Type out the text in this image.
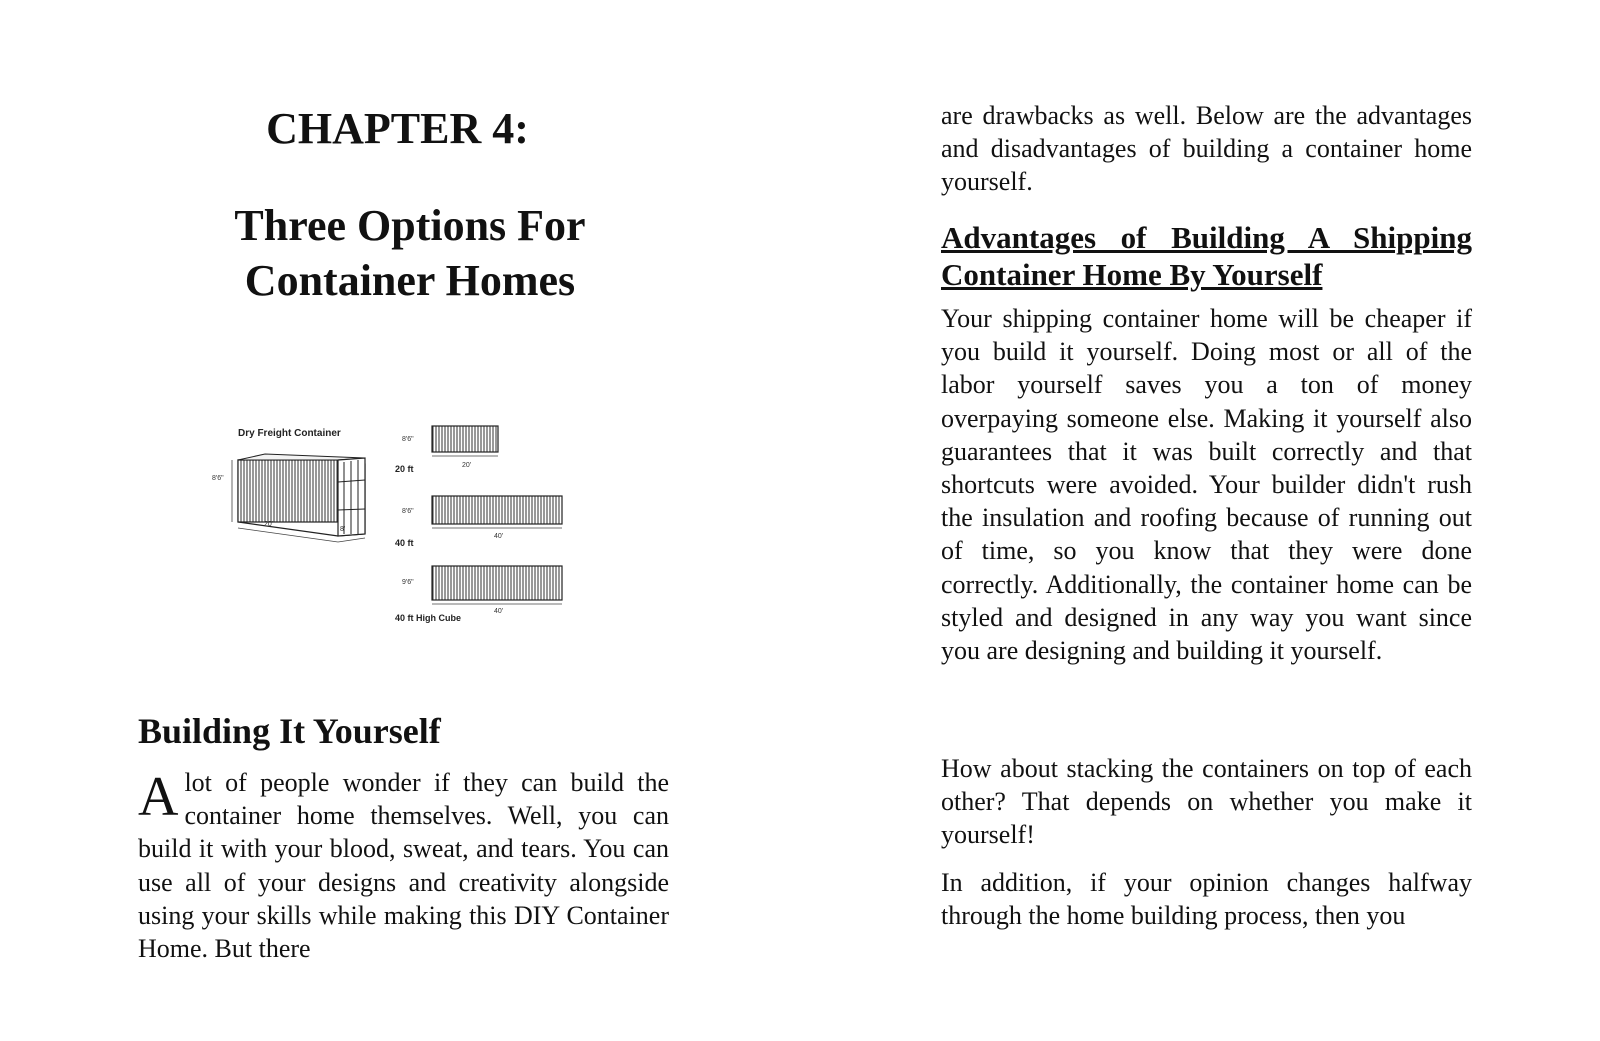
CHAPTER 4:
Three Options For
Container Homes
Dry Freight Container
8'6"
20'
8'
8'6"
20'
20 ft
8'6"
40'
40 ft
9'6"
40'
40 ft High Cube
Building It Yourself

Alot of people wonder if they can build the container home themselves. Well, you can build it with your blood, sweat, and tears. You can use all of your designs and creativity alongside using your skills while making this DIY Container Home. But there

are drawbacks as well. Below are the advantages and disadvantages of building a container home yourself.

Advantages of Building A Shipping Container Home By Yourself

Your shipping container home will be cheaper if you build it yourself. Doing most or all of the labor yourself saves you a ton of money overpaying someone else. Making it yourself also guarantees that it was built correctly and that shortcuts were avoided. Your builder didn't rush the insulation and roofing because of running out of time, so you know that they were done correctly. Additionally, the container home can be styled and designed in any way you want since you are designing and building it yourself.

How about stacking the containers on top of each other? That depends on whether you make it yourself!

In addition, if your opinion changes halfway through the home building process, then you
